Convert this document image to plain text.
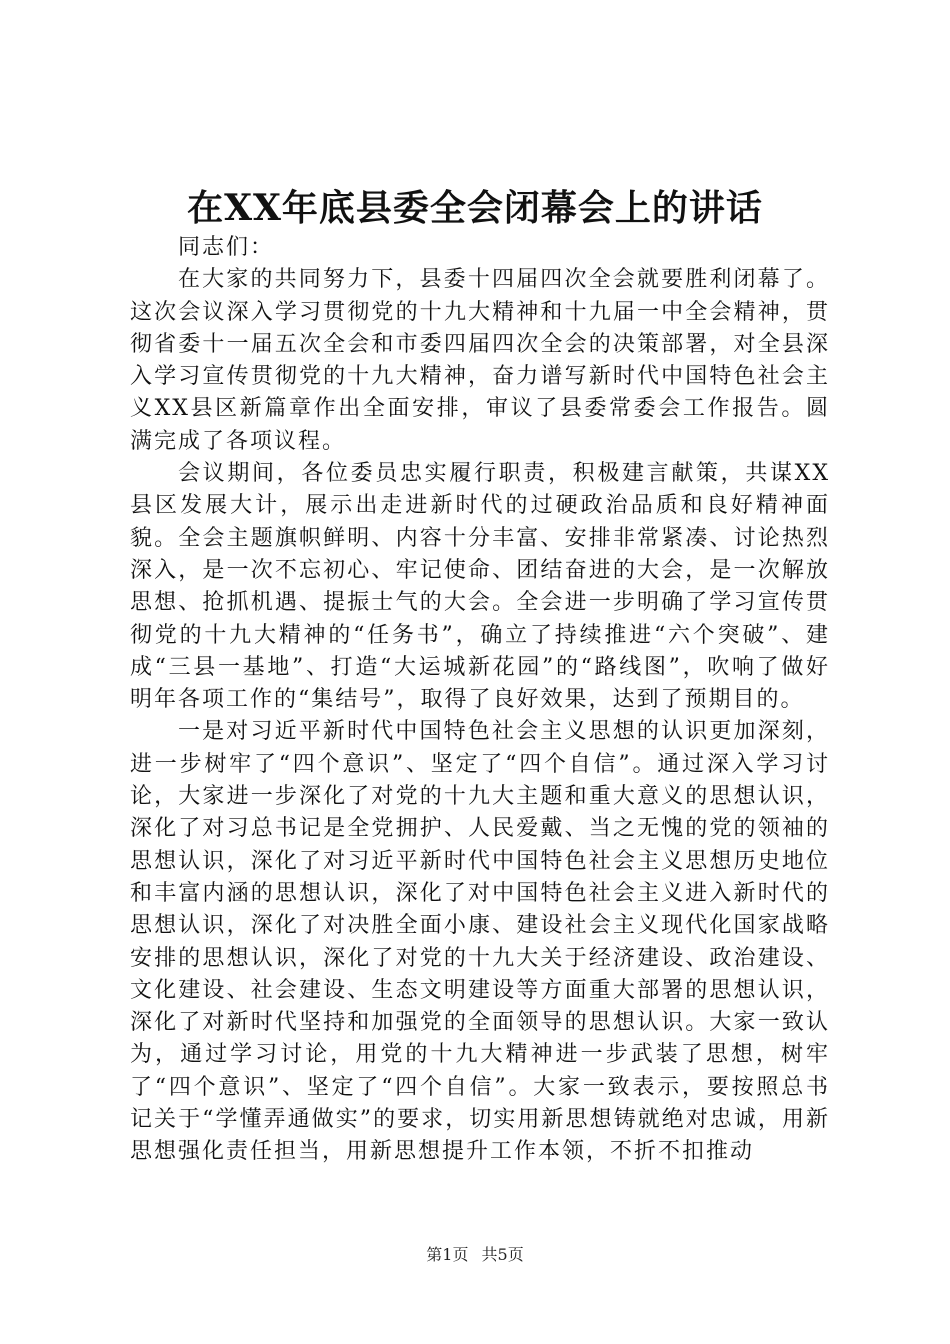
在XX年底县委全会闭幕会上的讲话

同志们：

在大家的共同努力下，县委十四届四次全会就要胜利闭幕了。这次会议深入学习贯彻党的十九大精神和十九届一中全会精神，贯彻省委十一届五次全会和市委四届四次全会的决策部署，对全县深入学习宣传贯彻党的十九大精神，奋力谱写新时代中国特色社会主义XX县区新篇章作出全面安排，审议了县委常委会工作报告。圆满完成了各项议程。

会议期间，各位委员忠实履行职责，积极建言献策，共谋XX县区发展大计，展示出走进新时代的过硬政治品质和良好精神面貌。全会主题旗帜鲜明、内容十分丰富、安排非常紧凑、讨论热烈深入，是一次不忘初心、牢记使命、团结奋进的大会，是一次解放思想、抢抓机遇、提振士气的大会。全会进一步明确了学习宣传贯彻党的十九大精神的“任务书”，确立了持续推进“六个突破”、建成“三县一基地”、打造“大运城新花园”的“路线图”，吹响了做好明年各项工作的“集结号”，取得了良好效果，达到了预期目的。

一是对习近平新时代中国特色社会主义思想的认识更加深刻，进一步树牢了“四个意识”、坚定了“四个自信”。通过深入学习讨论，大家进一步深化了对党的十九大主题和重大意义的思想认识，深化了对习总书记是全党拥护、人民爱戴、当之无愧的党的领袖的思想认识，深化了对习近平新时代中国特色社会主义思想历史地位和丰富内涵的思想认识，深化了对中国特色社会主义进入新时代的思想认识，深化了对决胜全面小康、建设社会主义现代化国家战略安排的思想认识，深化了对党的十九大关于经济建设、政治建设、文化建设、社会建设、生态文明建设等方面重大部署的思想认识，深化了对新时代坚持和加强党的全面领导的思想认识。大家一致认为，通过学习讨论，用党的十九大精神进一步武装了思想，树牢了“四个意识”、坚定了“四个自信”。大家一致表示，要按照总书记关于“学懂弄通做实”的要求，切实用新思想铸就绝对忠诚，用新思想强化责任担当，用新思想提升工作本领，不折不扣推动

第1页 共5页
